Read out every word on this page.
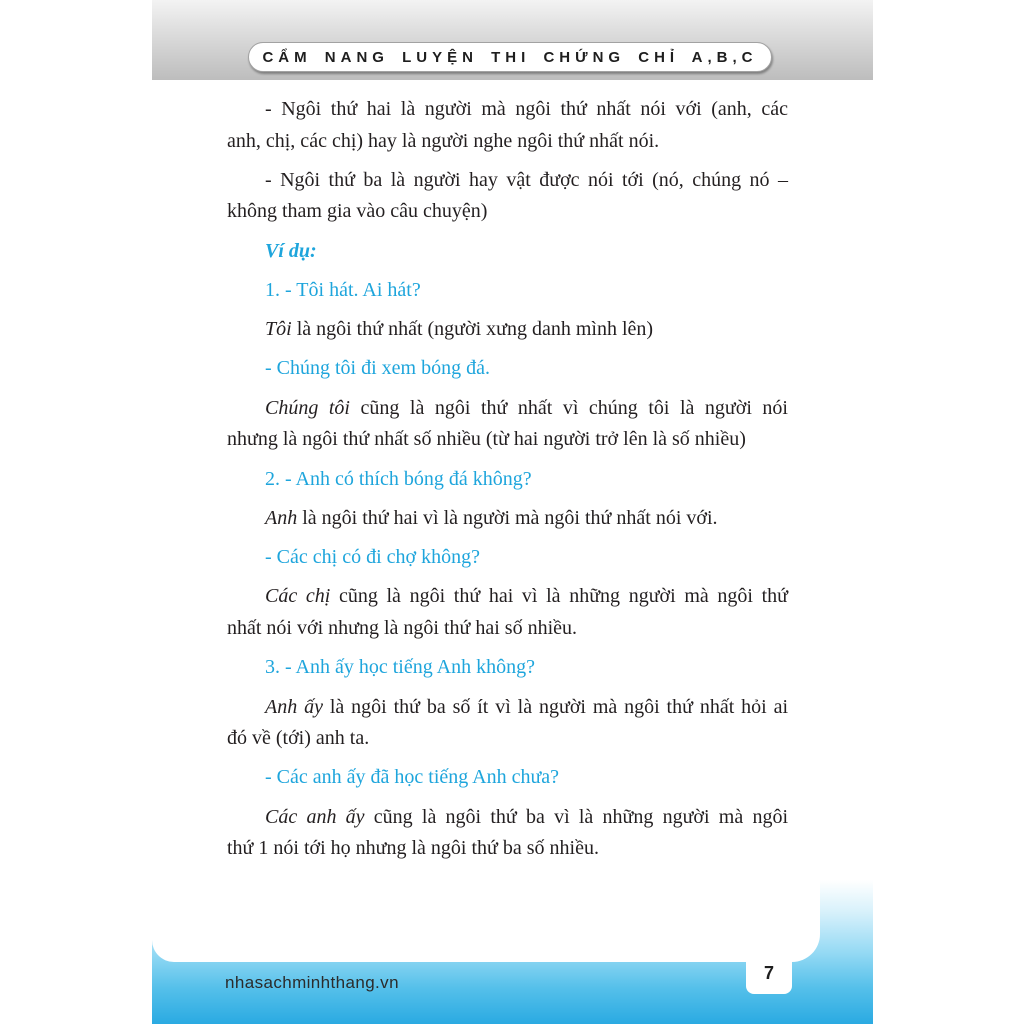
CẨM NANG LUYỆN THI CHỨNG CHỈ A,B,C
- Ngôi thứ hai là người mà ngôi thứ nhất nói với (anh, các
anh, chị, các chị) hay là người nghe ngôi thứ nhất nói.
- Ngôi thứ ba là người hay vật được nói tới (nó, chúng nó –
không tham gia vào câu chuyện)
Ví dụ:
1. - Tôi hát. Ai hát?
Tôi là ngôi thứ nhất (người xưng danh mình lên)
- Chúng tôi đi xem bóng đá.
Chúng tôi cũng là ngôi thứ nhất vì chúng tôi là người nói
nhưng là ngôi thứ nhất số nhiều (từ hai người trở lên là số nhiều)
2. - Anh có thích bóng đá không?
Anh là ngôi thứ hai vì là người mà ngôi thứ nhất nói với.
- Các chị có đi chợ không?
Các chị cũng là ngôi thứ hai vì là những người mà ngôi thứ
nhất nói với nhưng là ngôi thứ hai số nhiều.
3. - Anh ấy học tiếng Anh không?
Anh ấy là ngôi thứ ba số ít vì là người mà ngôi thứ nhất hỏi ai
đó về (tới) anh ta.
- Các anh ấy đã học tiếng Anh chưa?
Các anh ấy cũng là ngôi thứ ba vì là những người mà ngôi
thứ 1 nói tới họ nhưng là ngôi thứ ba số nhiều.
nhasachminhthang.vn	7
